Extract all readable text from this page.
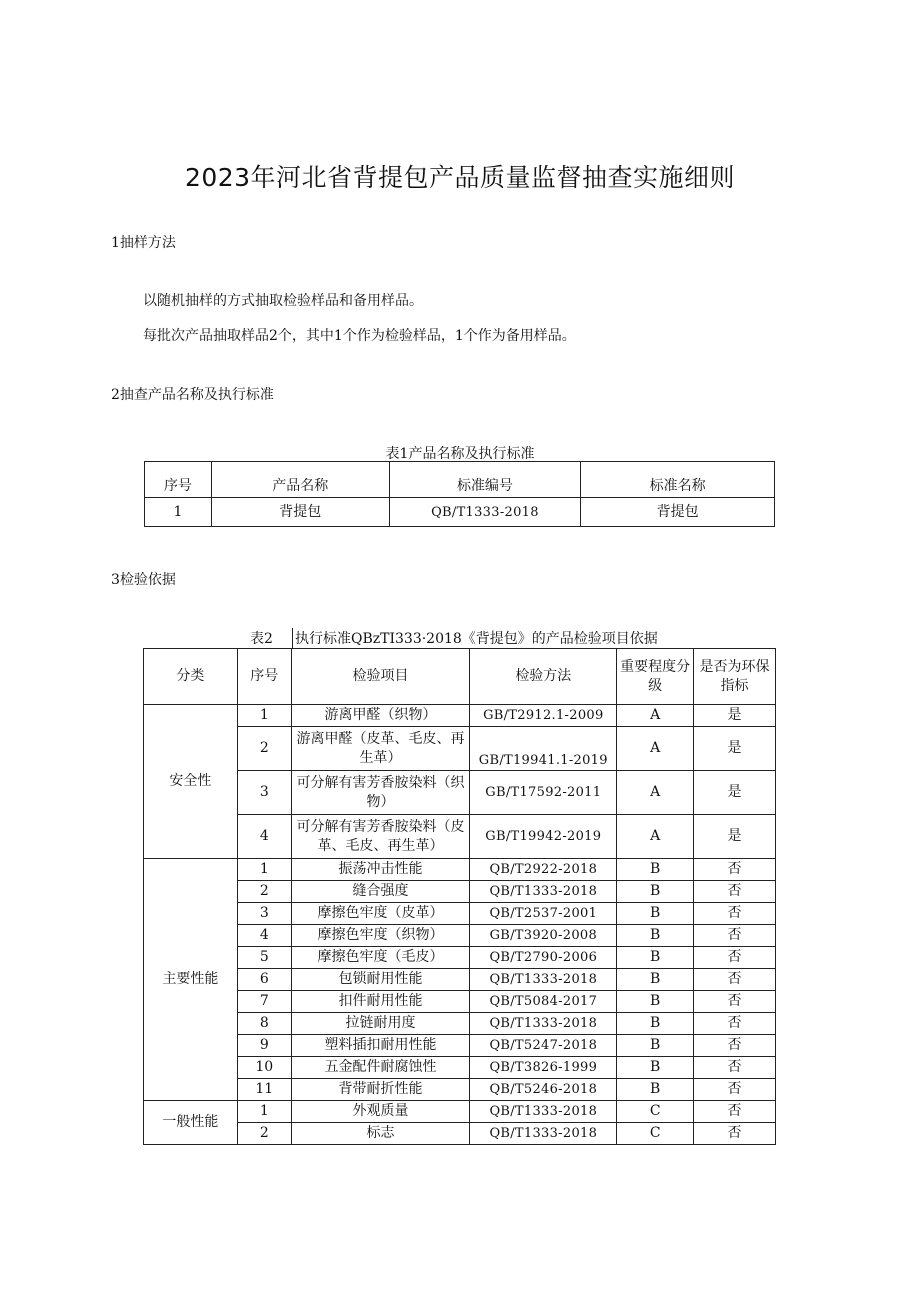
2023年河北省背提包产品质量监督抽查实施细则
1抽样方法
以随机抽样的方式抽取检验样品和备用样品。
每批次产品抽取样品2个，其中1个作为检验样品，1个作为备用样品。
2抽查产品名称及执行标准
表1产品名称及执行标准
序号	产品名称	标准编号	标准名称
1	背提包	QB/T1333-2018	背提包
3检验依据
表2 执行标准QBzTI333·2018《背提包》的产品检验项目依据
分类	序号	检验项目	检验方法	重要程度分级	是否为环保指标
安全性	1	游离甲醛（织物）	GB/T2912.1-2009	A	是
	2	游离甲醛（皮革、毛皮、再生革）	GB/T19941.1-2019	A	是
	3	可分解有害芳香胺染料（织物）	GB/T17592-2011	A	是
	4	可分解有害芳香胺染料（皮革、毛皮、再生革）	GB/T19942-2019	A	是
主要性能	1	振荡冲击性能	QB/T2922-2018	B	否
	2	缝合强度	QB/T1333-2018	B	否
	3	摩擦色牢度（皮革）	QB/T2537-2001	B	否
	4	摩擦色牢度（织物）	GB/T3920-2008	B	否
	5	摩擦色牢度（毛皮）	QB/T2790-2006	B	否
	6	包锁耐用性能	QB/T1333-2018	B	否
	7	扣件耐用性能	QB/T5084-2017	B	否
	8	拉链耐用度	QB/T1333-2018	B	否
	9	塑料插扣耐用性能	QB/T5247-2018	B	否
	10	五金配件耐腐蚀性	QB/T3826-1999	B	否
	11	背带耐折性能	QB/T5246-2018	B	否
一般性能	1	外观质量	QB/T1333-2018	C	否
	2	标志	QB/T1333-2018	C	否
